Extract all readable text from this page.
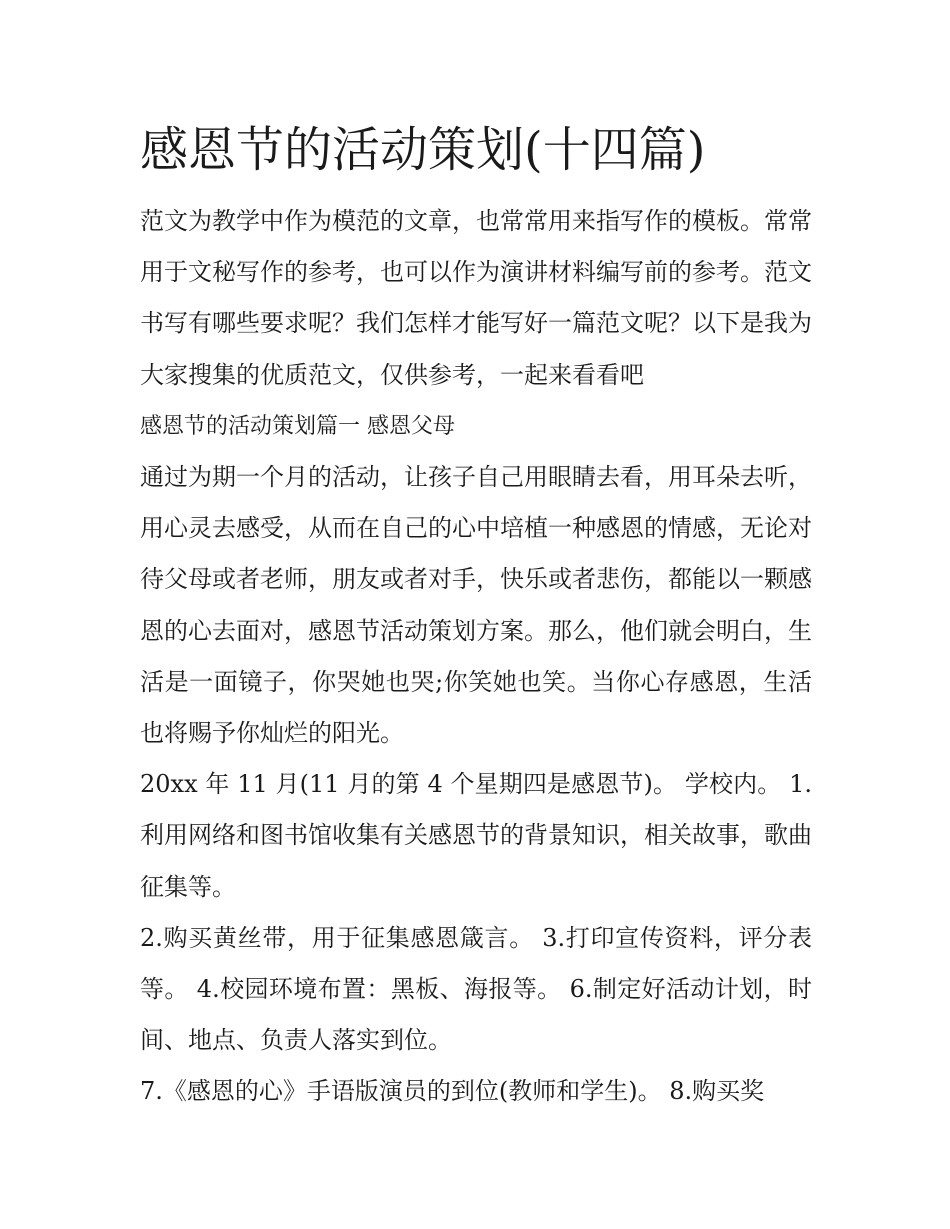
感恩节的活动策划(十四篇)

范文为教学中作为模范的文章，也常常用来指写作的模板。常常用于文秘写作的参考，也可以作为演讲材料编写前的参考。范文书写有哪些要求呢？我们怎样才能写好一篇范文呢？以下是我为大家搜集的优质范文，仅供参考，一起来看看吧

感恩节的活动策划篇一 感恩父母

通过为期一个月的活动，让孩子自己用眼睛去看，用耳朵去听，用心灵去感受，从而在自己的心中培植一种感恩的情感，无论对待父母或者老师，朋友或者对手，快乐或者悲伤，都能以一颗感恩的心去面对，感恩节活动策划方案。那么，他们就会明白，生活是一面镜子，你哭她也哭;你笑她也笑。当你心存感恩，生活也将赐予你灿烂的阳光。

20xx 年 11 月(11 月的第 4 个星期四是感恩节)。 学校内。 1.利用网络和图书馆收集有关感恩节的背景知识，相关故事，歌曲征集等。

2.购买黄丝带，用于征集感恩箴言。 3.打印宣传资料，评分表等。 4.校园环境布置：黑板、海报等。 6.制定好活动计划，时间、地点、负责人落实到位。

7.《感恩的心》手语版演员的到位(教师和学生)。 8.购买奖
